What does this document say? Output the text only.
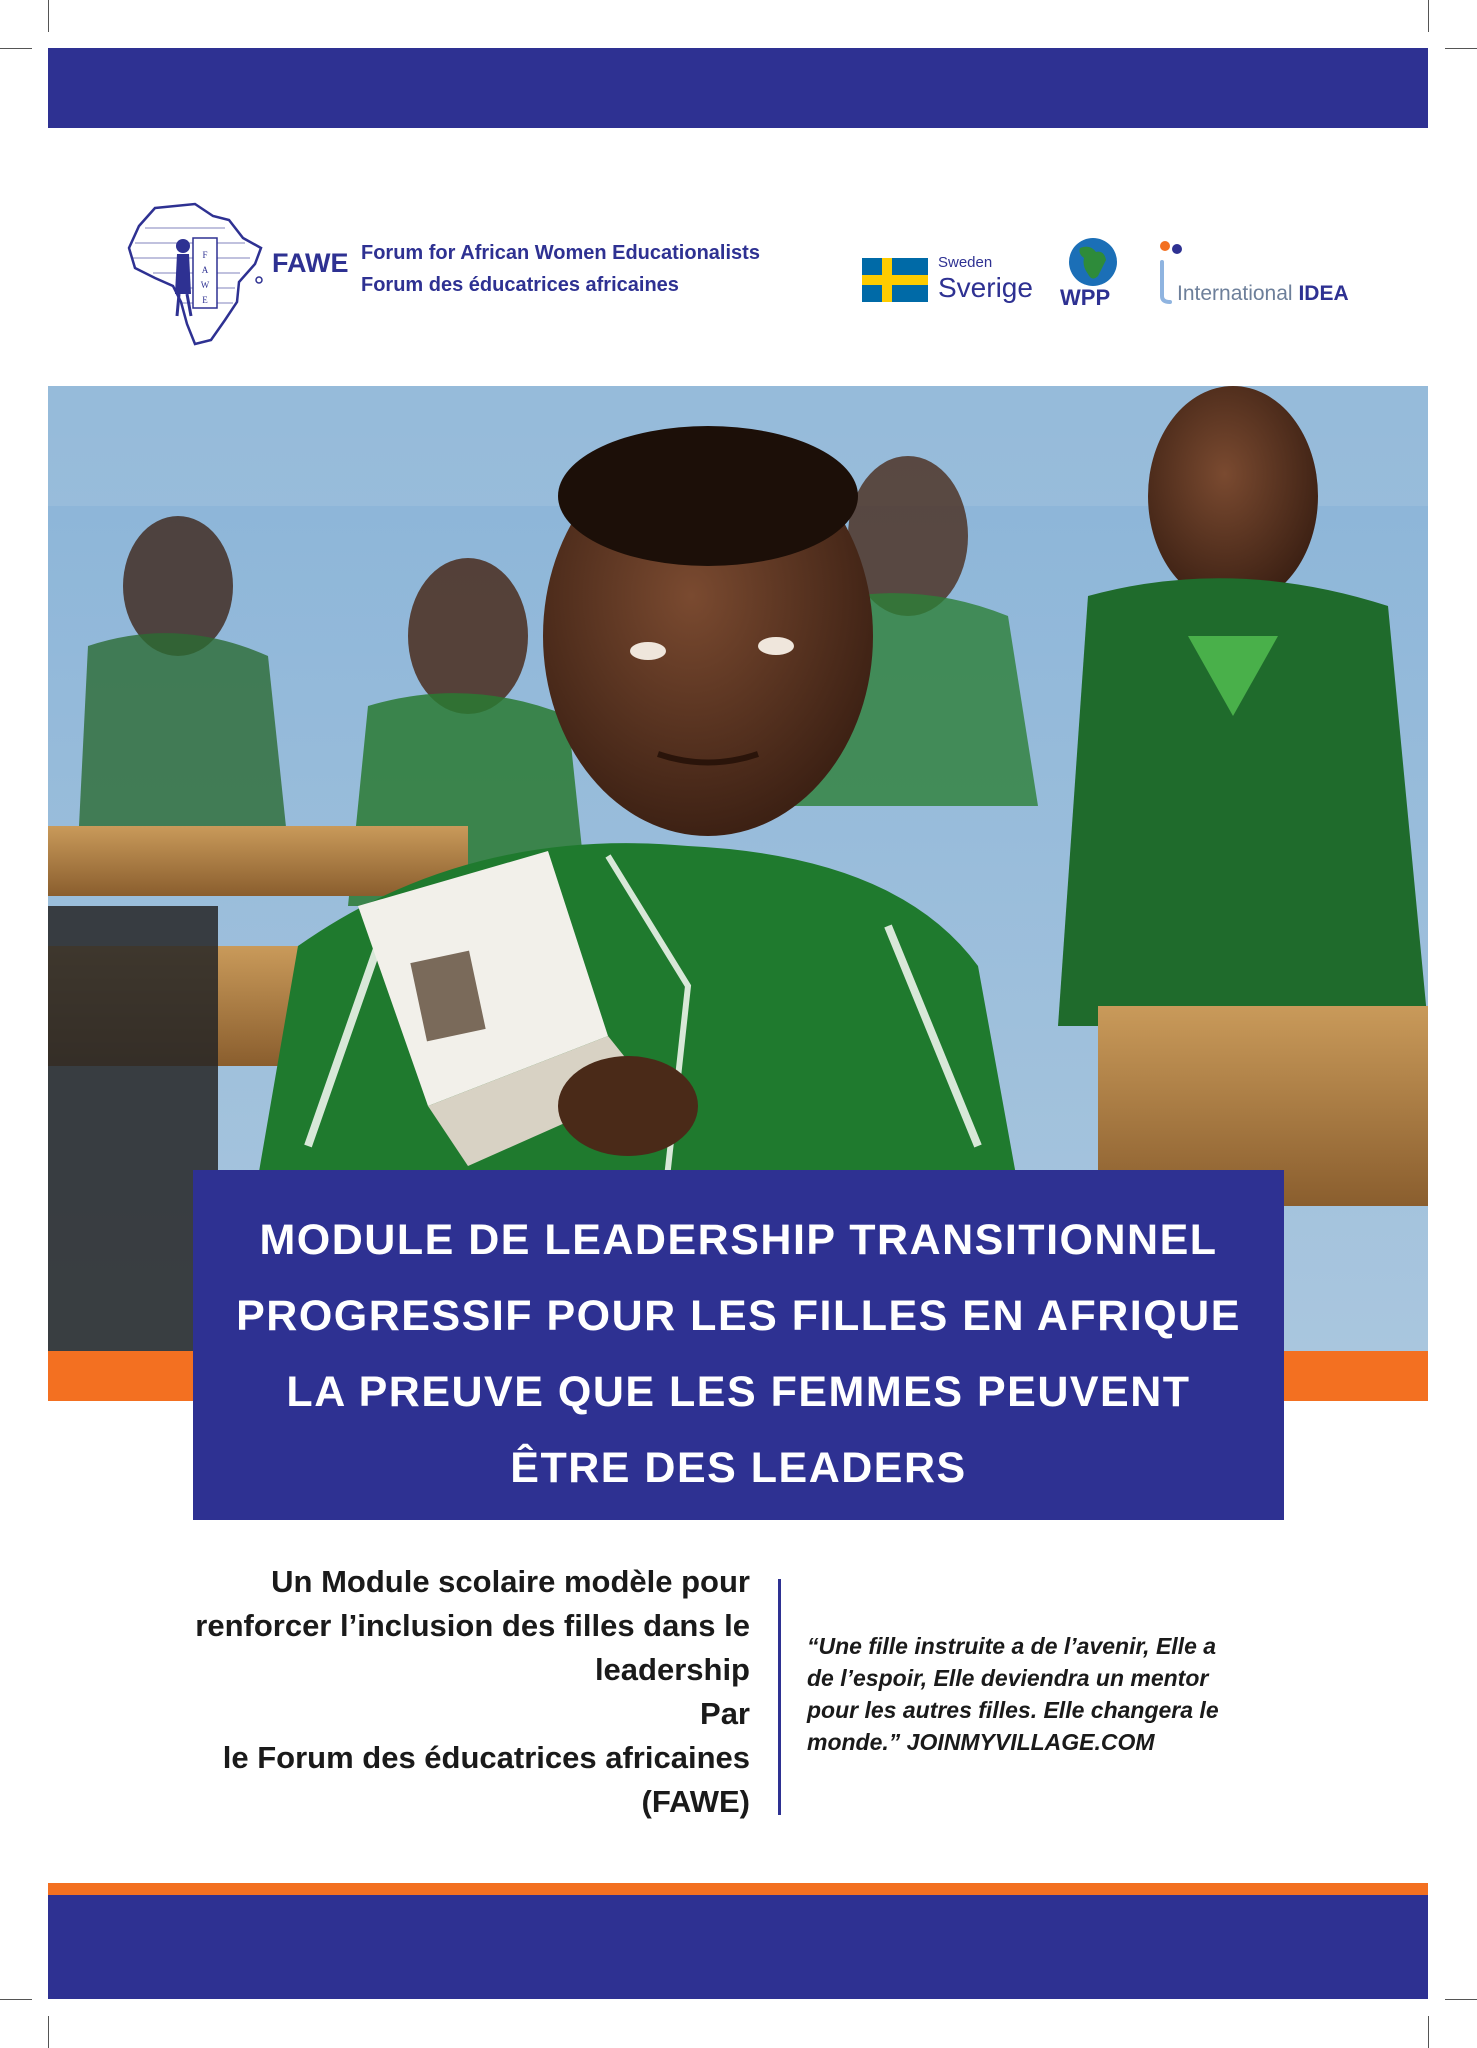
F
A
W
E
FAWE Forum for African Women Educationalists
Forum des éducatrices africaines
Sweden
Sverige WPP	International IDEA
MODULE DE LEADERSHIP TRANSITIONNEL
PROGRESSIF POUR LES FILLES EN AFRIQUE
LA PREUVE QUE LES FEMMES PEUVENT
ÊTRE DES LEADERS
Un Module scolaire modèle pour
renforcer l’inclusion des filles dans le
leadership
Par
le Forum des éducatrices africaines
(FAWE)
“Une fille instruite a de l’avenir, Elle a
de l’espoir, Elle deviendra un mentor
pour les autres filles. Elle changera le
monde.” JOINMYVILLAGE.COM
